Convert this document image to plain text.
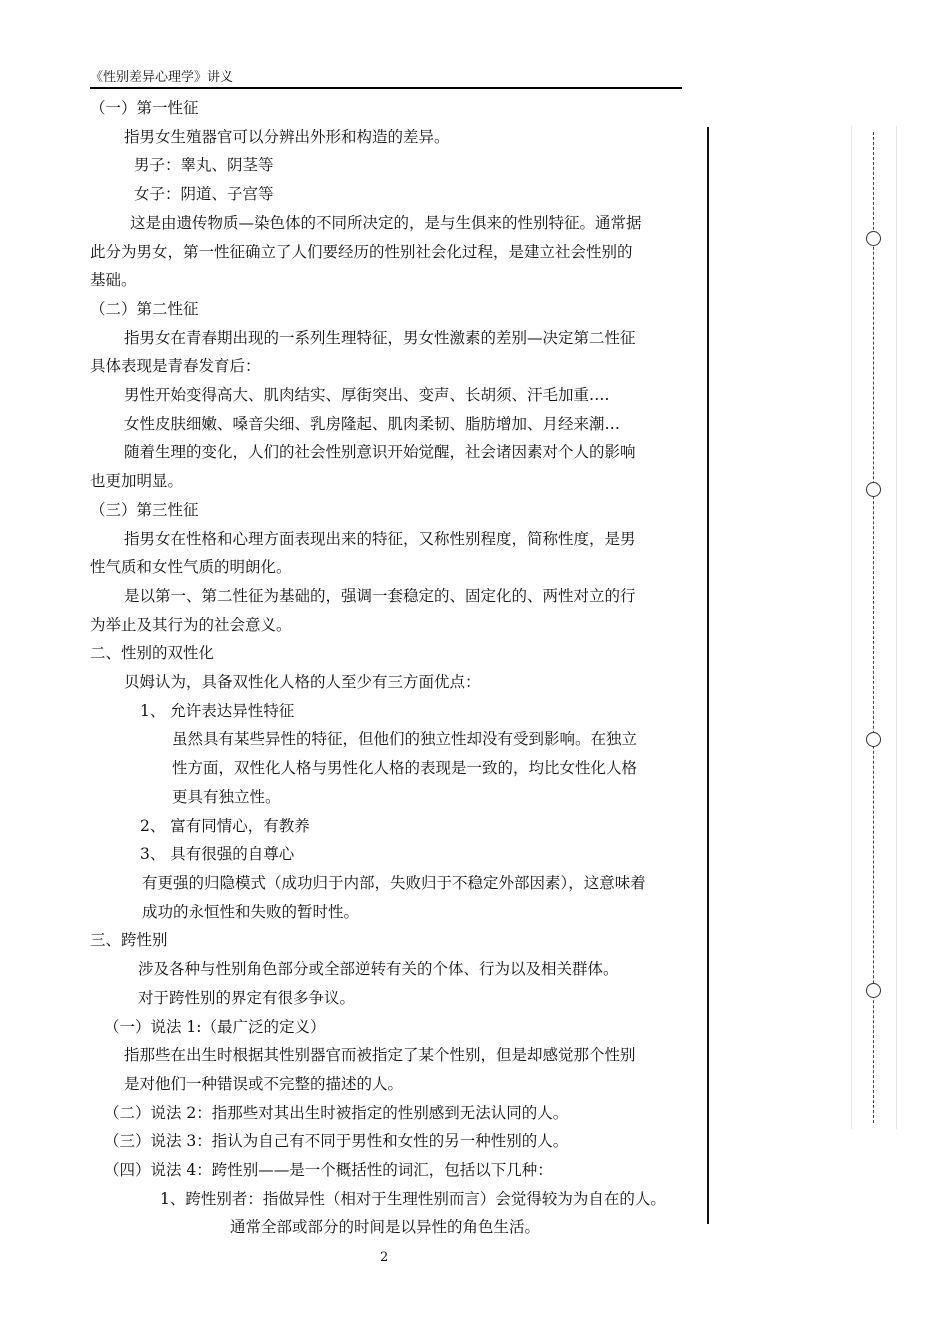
《性别差异心理学》讲义

（一）第一性征

指男女生殖器官可以分辨出外形和构造的差异。

男子：睾丸、阴茎等

女子：阴道、子宫等

这是由遗传物质—染色体的不同所决定的，是与生俱来的性别特征。通常据

此分为男女，第一性征确立了人们要经历的性别社会化过程，是建立社会性别的

基础。

（二）第二性征

指男女在青春期出现的一系列生理特征，男女性激素的差别—决定第二性征

具体表现是青春发育后：

男性开始变得高大、肌肉结实、厚街突出、变声、长胡须、汗毛加重….

女性皮肤细嫩、嗓音尖细、乳房隆起、肌肉柔韧、脂肪增加、月经来潮…

随着生理的变化，人们的社会性别意识开始觉醒，社会诸因素对个人的影响

也更加明显。

（三）第三性征

指男女在性格和心理方面表现出来的特征，又称性别程度，简称性度，是男

性气质和女性气质的明朗化。

是以第一、第二性征为基础的，强调一套稳定的、固定化的、两性对立的行

为举止及其行为的社会意义。

二、性别的双性化

贝姆认为，具备双性化人格的人至少有三方面优点：

1、 允许表达异性特征

虽然具有某些异性的特征，但他们的独立性却没有受到影响。在独立

性方面，双性化人格与男性化人格的表现是一致的，均比女性化人格

更具有独立性。

2、 富有同情心，有教养

3、 具有很强的自尊心

有更强的归隐模式（成功归于内部，失败归于不稳定外部因素），这意味着

成功的永恒性和失败的暂时性。

三、跨性别

涉及各种与性别角色部分或全部逆转有关的个体、行为以及相关群体。

对于跨性别的界定有很多争议。

（一）说法 1:（最广泛的定义）

指那些在出生时根据其性别器官而被指定了某个性别，但是却感觉那个性别

是对他们一种错误或不完整的描述的人。

（二）说法 2：指那些对其出生时被指定的性别感到无法认同的人。

（三）说法 3：指认为自己有不同于男性和女性的另一种性别的人。

（四）说法 4：跨性别——是一个概括性的词汇，包括以下几种：

1、跨性别者：指做异性（相对于生理性别而言）会觉得较为为自在的人。

通常全部或部分的时间是以异性的角色生活。

2
